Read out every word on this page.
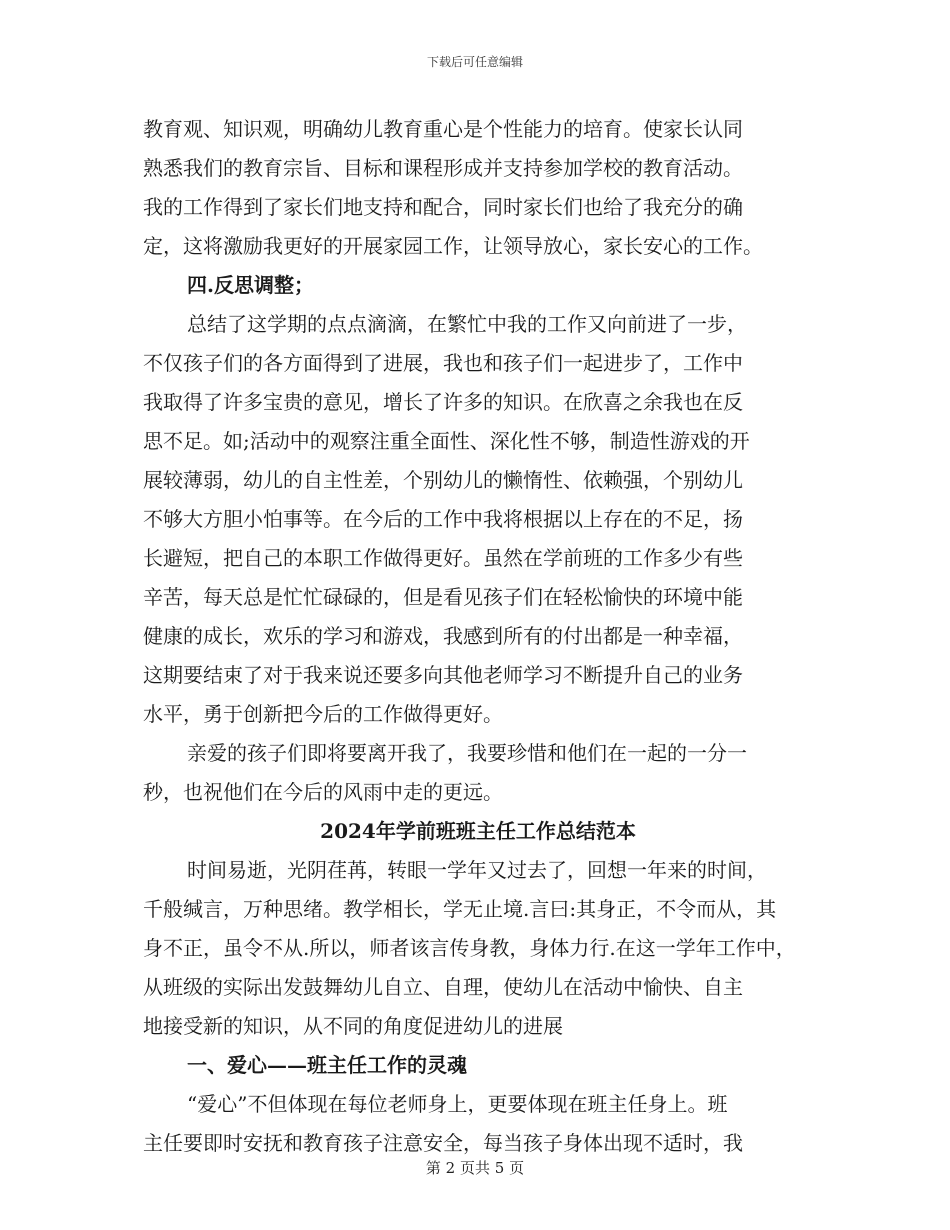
下载后可任意编辑
教育观、知识观，明确幼儿教育重心是个性能力的培育。使家长认同
熟悉我们的教育宗旨、目标和课程形成并支持参加学校的教育活动。
我的工作得到了家长们地支持和配合，同时家长们也给了我充分的确
定，这将激励我更好的开展家园工作，让领导放心，家长安心的工作。
四.反思调整；
总结了这学期的点点滴滴，在繁忙中我的工作又向前进了一步，
不仅孩子们的各方面得到了进展，我也和孩子们一起进步了，工作中
我取得了许多宝贵的意见，增长了许多的知识。在欣喜之余我也在反
思不足。如;活动中的观察注重全面性、深化性不够，制造性游戏的开
展较薄弱，幼儿的自主性差，个别幼儿的懒惰性、依赖强，个别幼儿
不够大方胆小怕事等。在今后的工作中我将根据以上存在的不足，扬
长避短，把自己的本职工作做得更好。虽然在学前班的工作多少有些
辛苦，每天总是忙忙碌碌的，但是看见孩子们在轻松愉快的环境中能
健康的成长，欢乐的学习和游戏，我感到所有的付出都是一种幸福，
这期要结束了对于我来说还要多向其他老师学习不断提升自己的业务
水平，勇于创新把今后的工作做得更好。
亲爱的孩子们即将要离开我了，我要珍惜和他们在一起的一分一
秒，也祝他们在今后的风雨中走的更远。
2024年学前班班主任工作总结范本
时间易逝，光阴荏苒，转眼一学年又过去了，回想一年来的时间，
千般缄言，万种思绪。教学相长，学无止境.言曰:其身正，不令而从，其
身不正，虽令不从.所以，师者该言传身教，身体力行.在这一学年工作中，
从班级的实际出发鼓舞幼儿自立、自理，使幼儿在活动中愉快、自主
地接受新的知识，从不同的角度促进幼儿的进展
一、爱心——班主任工作的灵魂
“爱心”不但体现在每位老师身上，更要体现在班主任身上。班
主任要即时安抚和教育孩子注意安全，每当孩子身体出现不适时，我
第 2 页共 5 页
